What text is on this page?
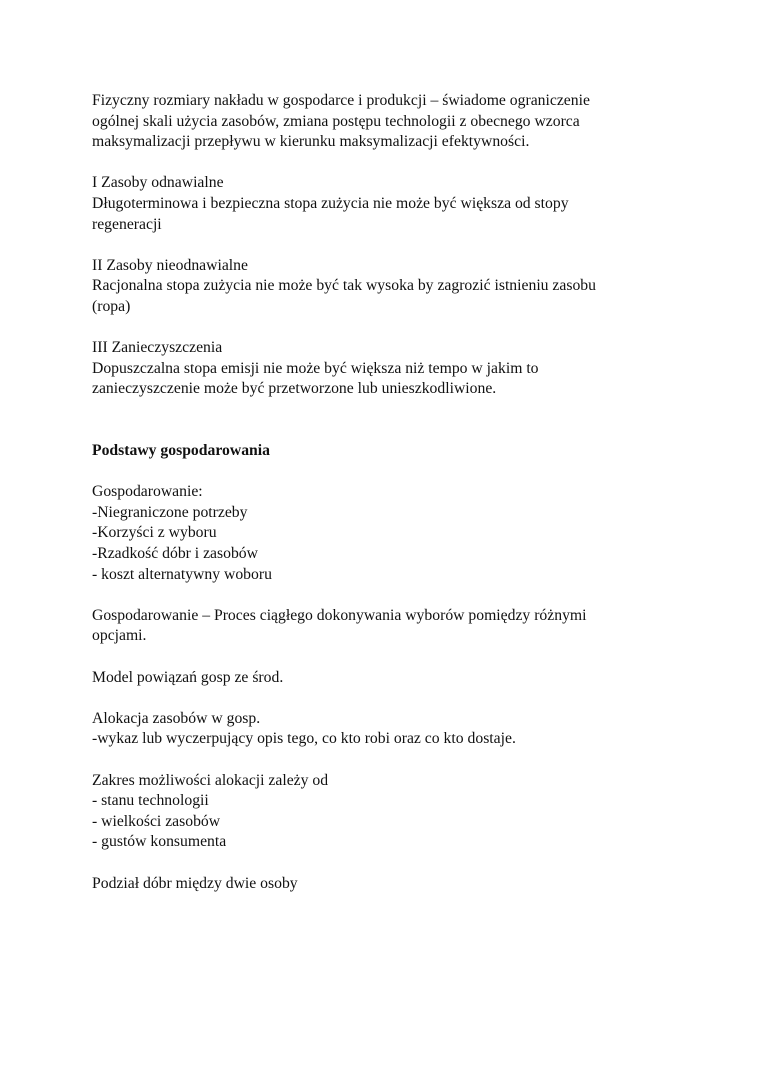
Fizyczny rozmiary nakładu w gospodarce i produkcji – świadome ograniczenie
ogólnej skali użycia zasobów, zmiana postępu technologii z obecnego wzorca
maksymalizacji przepływu w kierunku maksymalizacji efektywności.

I Zasoby odnawialne
Długoterminowa i bezpieczna stopa zużycia nie może być większa od stopy
regeneracji

II Zasoby nieodnawialne
Racjonalna stopa zużycia nie może być tak wysoka by zagrozić istnieniu zasobu
(ropa)

III Zanieczyszczenia
Dopuszczalna stopa emisji nie może być większa niż tempo w jakim to
zanieczyszczenie może być przetworzone lub unieszkodliwione.

Podstawy gospodarowania

Gospodarowanie:
-Niegraniczone potrzeby
-Korzyści z wyboru
-Rzadkość dóbr i zasobów
- koszt alternatywny woboru

Gospodarowanie – Proces ciągłego dokonywania wyborów pomiędzy różnymi
opcjami.

Model powiązań gosp ze środ.

Alokacja zasobów w gosp.
-wykaz lub wyczerpujący opis tego, co kto robi oraz co kto dostaje.

Zakres możliwości alokacji zależy od
- stanu technologii
- wielkości zasobów
- gustów konsumenta

Podział dóbr między dwie osoby
